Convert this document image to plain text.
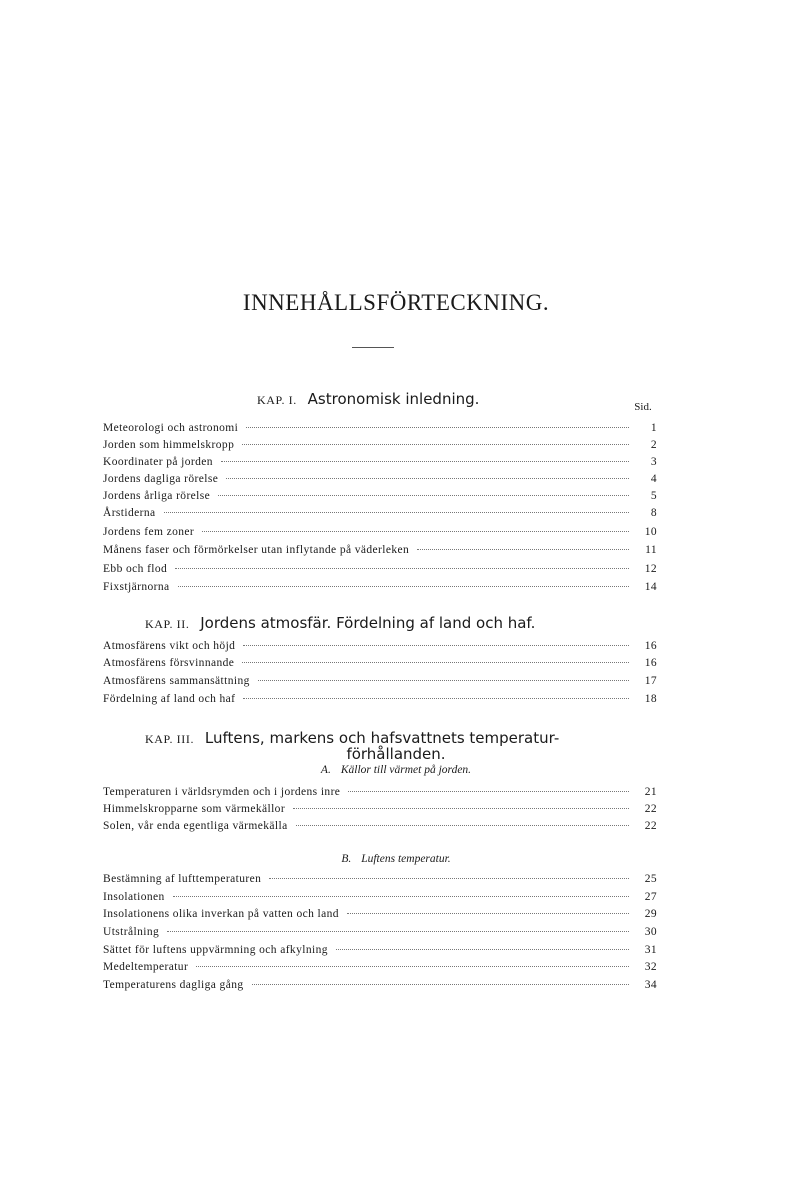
INNEHÅLLSFÖRTECKNING.
Sid.
KAP. I. Astronomisk inledning.
Meteorologi och astronomi	1
Jorden som himmelskropp	2
Koordinater på jorden	3
Jordens dagliga rörelse	4
Jordens årliga rörelse	5
Årstiderna	8
Jordens fem zoner	10
Månens faser och förmörkelser utan inflytande på väderleken	11
Ebb och flod	12
Fixstjärnorna	14
KAP. II. Jordens atmosfär. Fördelning af land och haf.
Atmosfärens vikt och höjd	16
Atmosfärens försvinnande	16
Atmosfärens sammansättning	17
Fördelning af land och haf	18
KAP. III. Luftens, markens och hafsvattnets temperatur-
förhållanden.
A. Källor till värmet på jorden.
Temperaturen i världsrymden och i jordens inre	21
Himmelskropparne som värmekällor	22
Solen, vår enda egentliga värmekälla	22
B. Luftens temperatur.
Bestämning af lufttemperaturen	25
Insolationen	27
Insolationens olika inverkan på vatten och land	29
Utstrålning	30
Sättet för luftens uppvärmning och afkylning	31
Medeltemperatur	32
Temperaturens dagliga gång	34
